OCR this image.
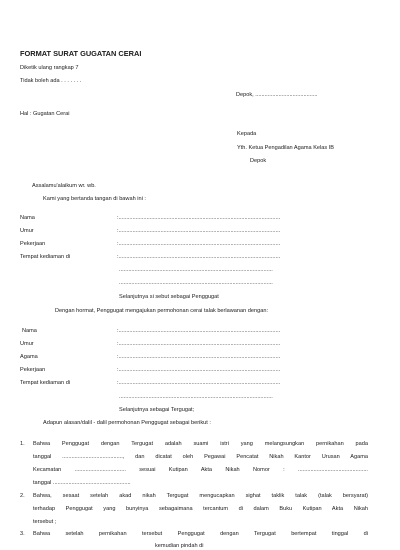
FORMAT SURAT GUGATAN CERAI
Diketik ulang rangkap 7
Tidak boleh ada . . . . . . .
Depok, ........................................
Hal : Gugatan Cerai
Kepada
Yth. Ketua Pengadilan Agama Kelas IB
Depok
Assalamu'alaikum wr. wb.
Kami yang bertanda tangan di bawah ini :
Nama	:........................................................................................................
Umur	:........................................................................................................
Pekerjaan	:........................................................................................................
Tempat kediaman di	:........................................................................................................
...................................................................................................
...................................................................................................
Selanjutnya si sebut sebagai Penggugat
Dengan hormat, Penggugat mengajukan permohonan cerai talak berlawanan dengan:
Nama	:........................................................................................................
Umur	:........................................................................................................
Agama	:........................................................................................................
Pekerjaan	:........................................................................................................
Tempat kediaman di	:........................................................................................................
...................................................................................................
Selanjutnya sebagai Tergugat;
Adapun alasan/dalil - dalil permohonan Penggugat sebagai berikut :
1. Bahwa Penggugat dengan Tergugat adalah suami istri yang melangsungkan pernikahan pada
tanggal ......................................., dan dicatat oleh Pegawai Pencatat Nikah Kantor Urusan Agama
Kecamatan ................................. sesuai Kutipan Akta Nikah Nomor : .............................................
tanggal ..................................................
2. Bahwa, sesaat setelah akad nikah Tergugat mengucapkan sighat taklik talak (talak bersyarat)
terhadap Penggugat yang bunyinya sebagaimana tercantum di dalam Buku Kutipan Akta Nikah
tersebut ;
3. Bahwa setelah pernikahan tersebut Penggugat dengan Tergugat bertempat tinggal di
kemudian pindah di
